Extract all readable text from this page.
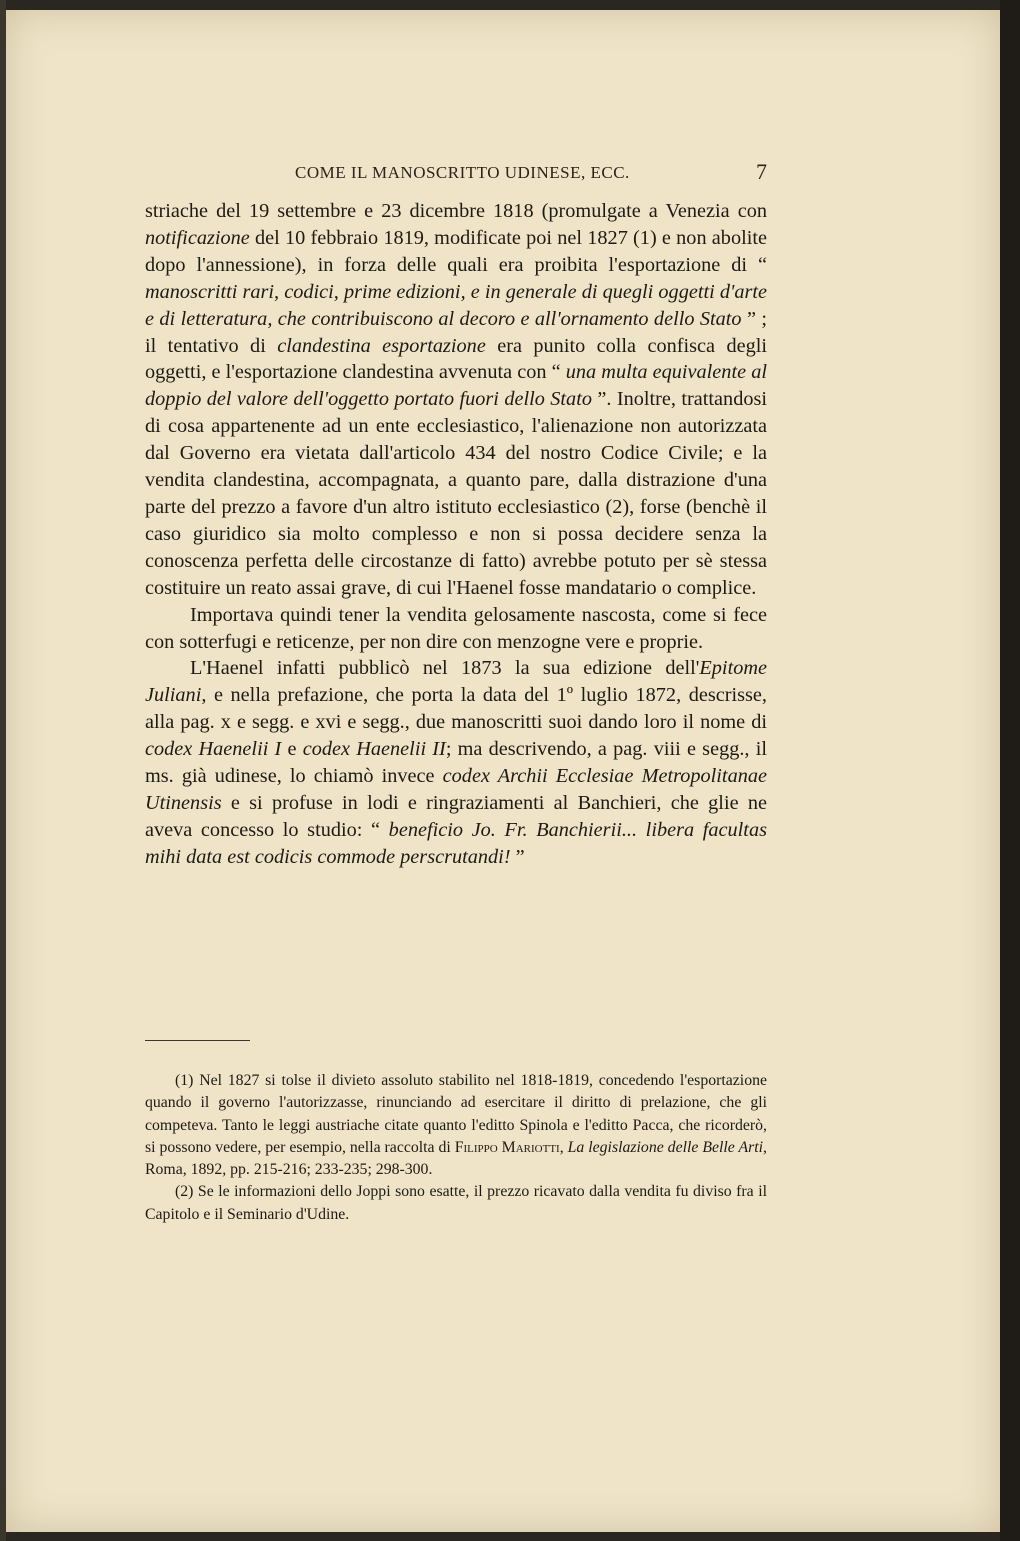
COME IL MANOSCRITTO UDINESE, ECC.	7

striache del 19 settembre e 23 dicembre 1818 (promulgate a Venezia con notificazione del 10 febbraio 1819, modificate poi nel 1827 (1) e non abolite dopo l'annessione), in forza delle quali era proibita l'esportazione di “ manoscritti rari, codici, prime edizioni, e in generale di quegli oggetti d'arte e di letteratura, che contribuiscono al decoro e all'ornamento dello Stato ” ; il tentativo di clandestina esportazione era punito colla confisca degli oggetti, e l'esportazione clandestina avvenuta con “ una multa equivalente al doppio del valore dell'oggetto portato fuori dello Stato ”. Inoltre, trattandosi di cosa appartenente ad un ente ecclesiastico, l'alienazione non autorizzata dal Governo era vietata dall'articolo 434 del nostro Codice Civile; e la vendita clandestina, accompagnata, a quanto pare, dalla distrazione d'una parte del prezzo a favore d'un altro istituto ecclesiastico (2), forse (benchè il caso giuridico sia molto complesso e non si possa decidere senza la conoscenza perfetta delle circostanze di fatto) avrebbe potuto per sè stessa costituire un reato assai grave, di cui l'Haenel fosse mandatario o complice.

Importava quindi tener la vendita gelosamente nascosta, come si fece con sotterfugi e reticenze, per non dire con menzogne vere e proprie.

L'Haenel infatti pubblicò nel 1873 la sua edizione dell'Epitome Juliani, e nella prefazione, che porta la data del 1º luglio 1872, descrisse, alla pag. x e segg. e xvi e segg., due manoscritti suoi dando loro il nome di codex Haenelii I e codex Haenelii II; ma descrivendo, a pag. viii e segg., il ms. già udinese, lo chiamò invece codex Archii Ecclesiae Metropolitanae Utinensis e si profuse in lodi e ringraziamenti al Banchieri, che glie ne aveva concesso lo studio: “ beneficio Jo. Fr. Banchierii... libera facultas mihi data est codicis commode perscrutandi! ”

(1) Nel 1827 si tolse il divieto assoluto stabilito nel 1818-1819, concedendo l'esportazione quando il governo l'autorizzasse, rinunciando ad esercitare il diritto di prelazione, che gli competeva. Tanto le leggi austriache citate quanto l'editto Spinola e l'editto Pacca, che ricorderò, si possono vedere, per esempio, nella raccolta di Filippo Mariotti, La legislazione delle Belle Arti, Roma, 1892, pp. 215-216; 233-235; 298-300.

(2) Se le informazioni dello Joppi sono esatte, il prezzo ricavato dalla vendita fu diviso fra il Capitolo e il Seminario d'Udine.
